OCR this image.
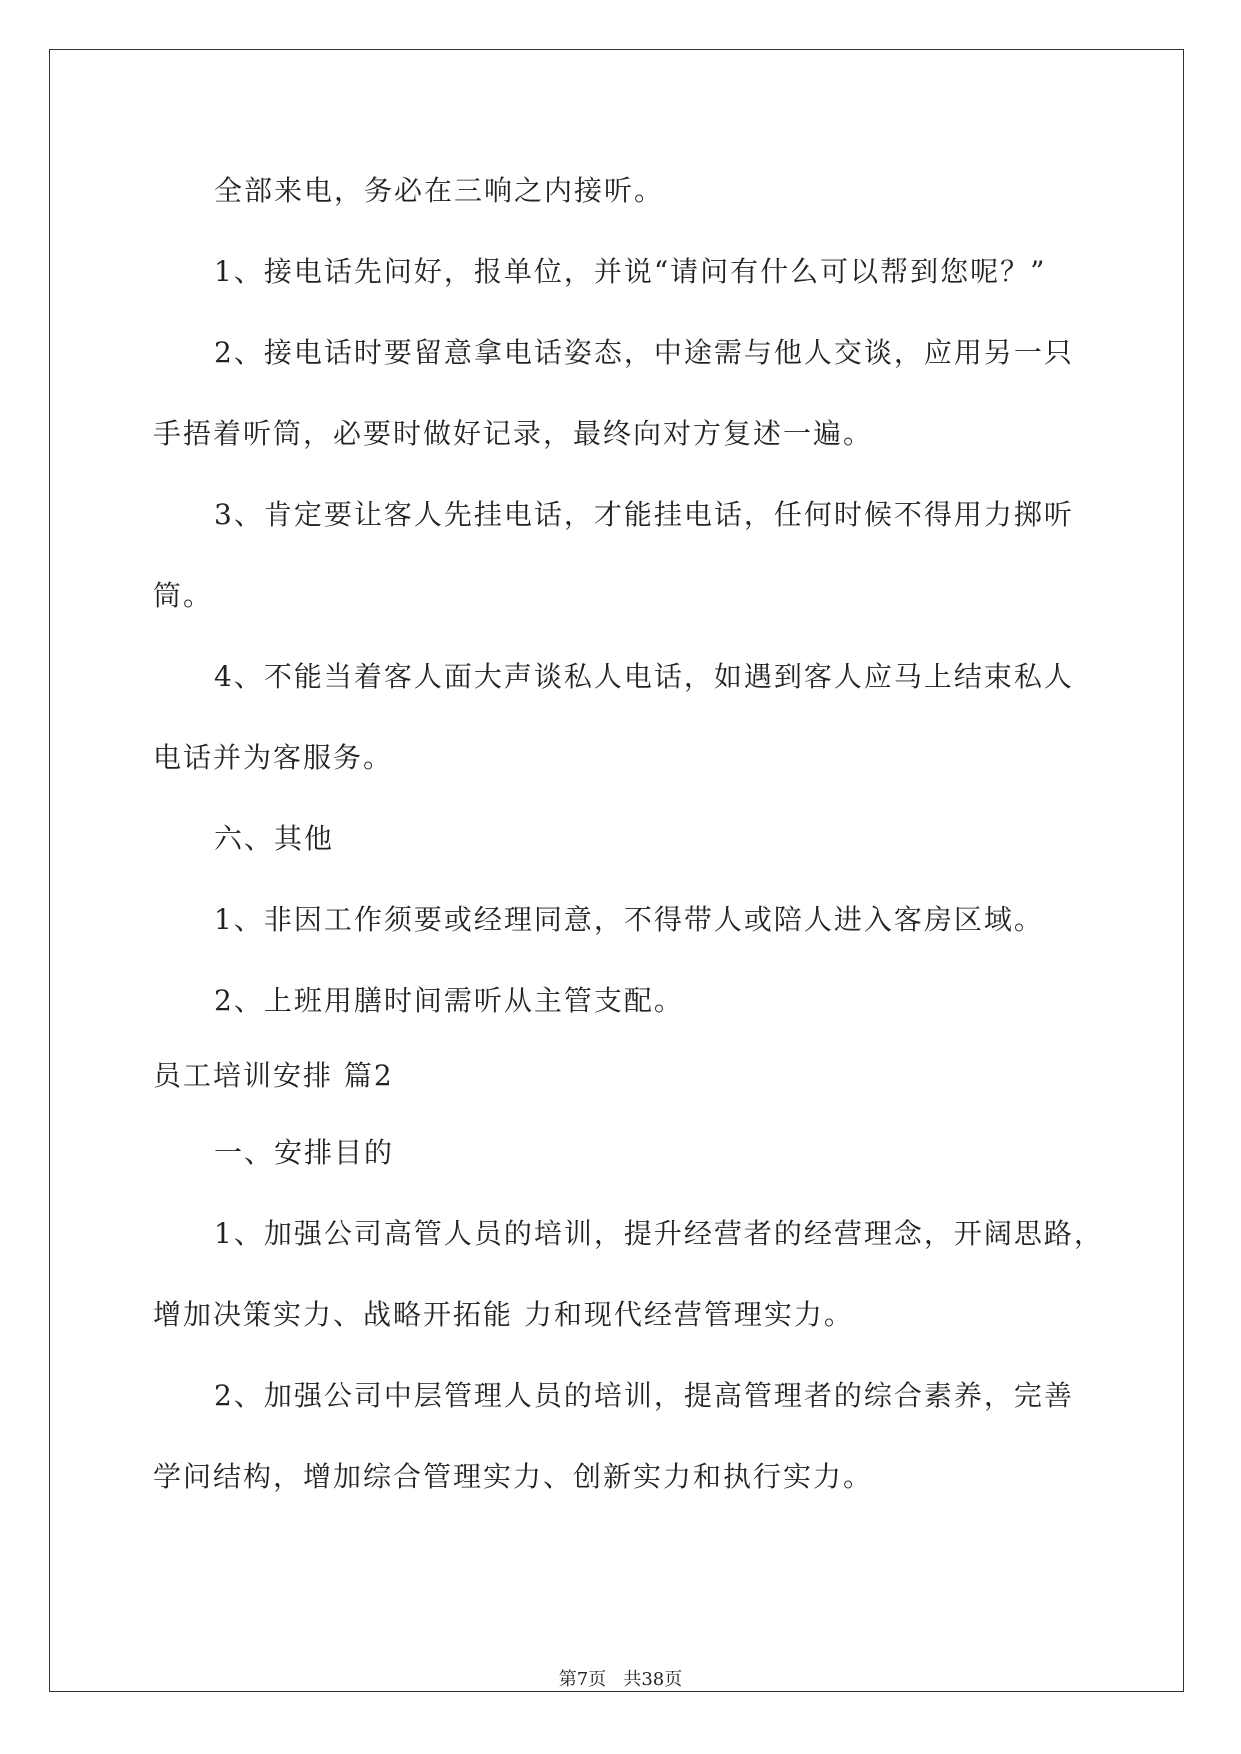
全部来电，务必在三响之内接听。
1、接电话先问好，报单位，并说“请问有什么可以帮到您呢？”
2、接电话时要留意拿电话姿态，中途需与他人交谈，应用另一只
手捂着听筒，必要时做好记录，最终向对方复述一遍。
3、肯定要让客人先挂电话，才能挂电话，任何时候不得用力掷听
筒。
4、不能当着客人面大声谈私人电话，如遇到客人应马上结束私人
电话并为客服务。
六、其他
1、非因工作须要或经理同意，不得带人或陪人进入客房区域。
2、上班用膳时间需听从主管支配。
员工培训安排 篇2
一、安排目的
1、加强公司高管人员的培训，提升经营者的经营理念，开阔思路，
增加决策实力、战略开拓能 力和现代经营管理实力。
2、加强公司中层管理人员的培训，提高管理者的综合素养，完善
学问结构，增加综合管理实力、创新实力和执行实力。
第7页   共38页
